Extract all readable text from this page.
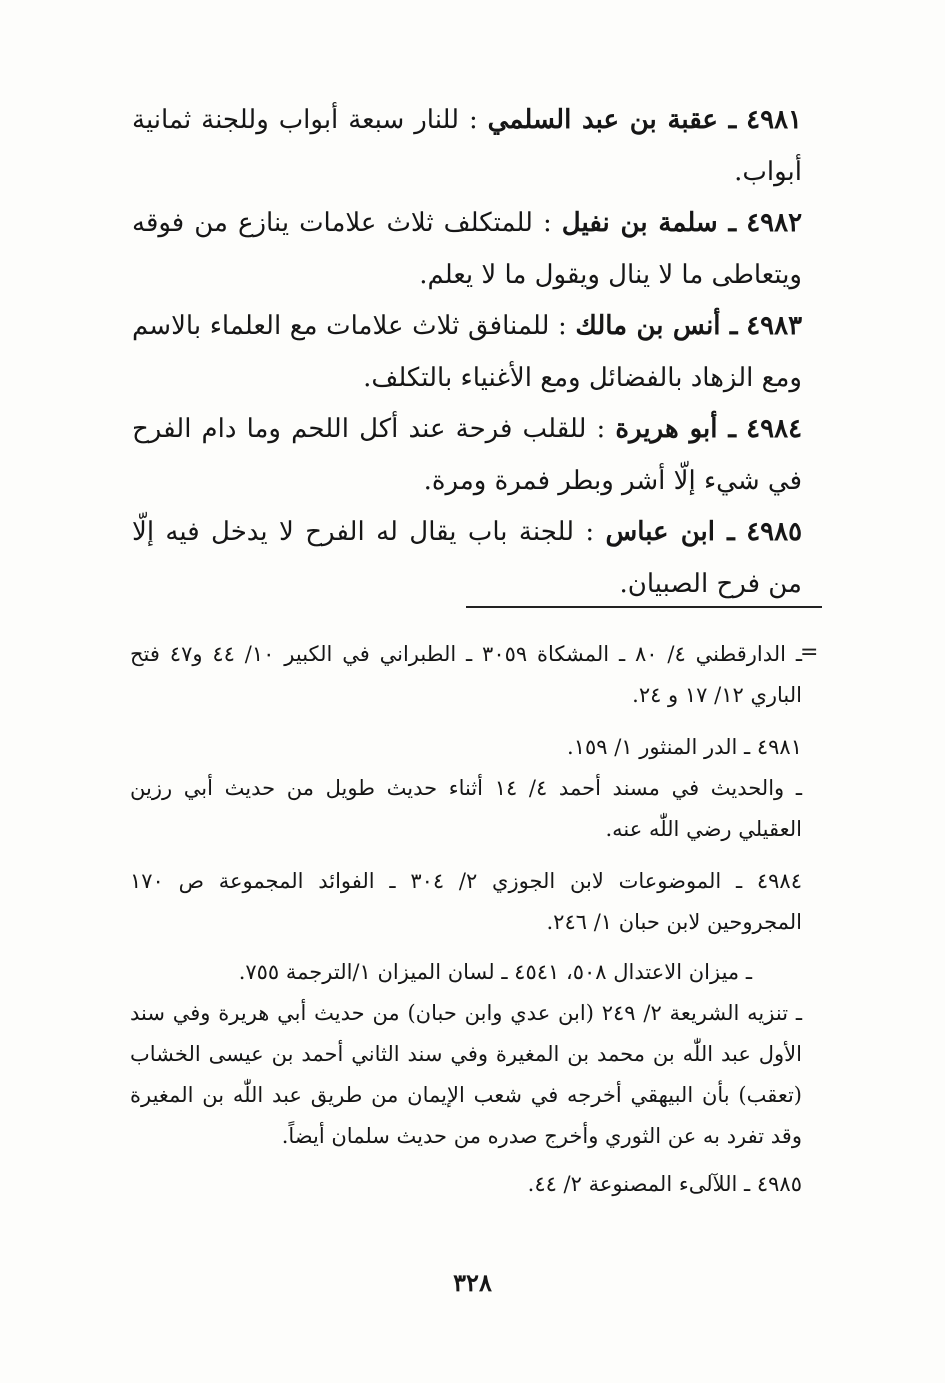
٤٩٨١ ـ عقبة بن عبد السلمي : للنار سبعة أبواب وللجنة ثمانية أبواب.

٤٩٨٢ ـ سلمة بن نفيل : للمتكلف ثلاث علامات ينازع من فوقه ويتعاطى ما لا ينال ويقول ما لا يعلم.

٤٩٨٣ ـ أنس بن مالك : للمنافق ثلاث علامات مع العلماء بالاسم ومع الزهاد بالفضائل ومع الأغنياء بالتكلف.

٤٩٨٤ ـ أبو هريرة : للقلب فرحة عند أكل اللحم وما دام الفرح في شيء إلّا أشر وبطر فمرة ومرة.

٤٩٨٥ ـ ابن عباس : للجنة باب يقال له الفرح لا يدخل فيه إلّا من فرح الصبيان.

=

ـ الدارقطني ٤/ ٨٠ ـ المشكاة ٣٠٥٩ ـ الطبراني في الكبير ١٠/ ٤٤ و٤٧ فتح الباري ١٢/ ١٧ و ٢٤.

٤٩٨١ ـ الدر المنثور ١/ ١٥٩.

ـ والحديث في مسند أحمد ٤/ ١٤ أثناء حديث طويل من حديث أبي رزين العقيلي رضي اللّٰه عنه.

٤٩٨٤ ـ الموضوعات لابن الجوزي ٢/ ٣٠٤ ـ الفوائد المجموعة ص ١٧٠ المجروحين لابن حبان ١/ ٢٤٦.

ـ ميزان الاعتدال ٥٠٨، ٤٥٤١ ـ لسان الميزان ١/الترجمة ٧٥٥.

ـ تنزيه الشريعة ٢/ ٢٤٩ (ابن عدي وابن حبان) من حديث أبي هريرة وفي سند الأول عبد اللّٰه بن محمد بن المغيرة وفي سند الثاني أحمد بن عيسى الخشاب (تعقب) بأن البيهقي أخرجه في شعب الإيمان من طريق عبد اللّٰه بن المغيرة وقد تفرد به عن الثوري وأخرج صدره من حديث سلمان أيضاً.

٤٩٨٥ ـ اللآلىء المصنوعة ٢/ ٤٤.

٣٢٨
